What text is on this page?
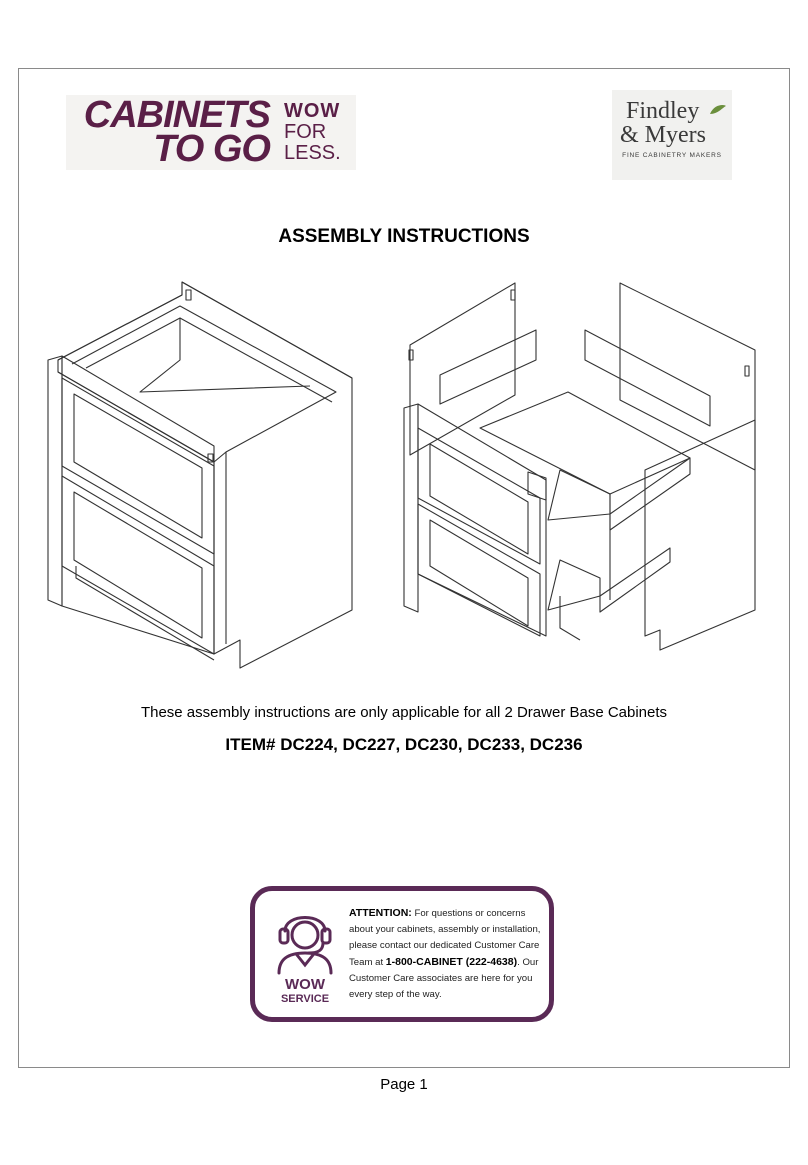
CABINETS
TO GO
WOW
FOR
LESS.
Findley
& Myers
FINE CABINETRY MAKERS
ASSEMBLY INSTRUCTIONS
These assembly instructions are only applicable for all 2 Drawer Base Cabinets
ITEM# DC224, DC227, DC230, DC233, DC236
WOW
SERVICE
ATTENTION: For questions or concerns about your cabinets, assembly or installation, please contact our dedicated Customer Care Team at 1-800-CABINET (222-4638). Our Customer Care associates are here for you every step of the way.
Page 1
